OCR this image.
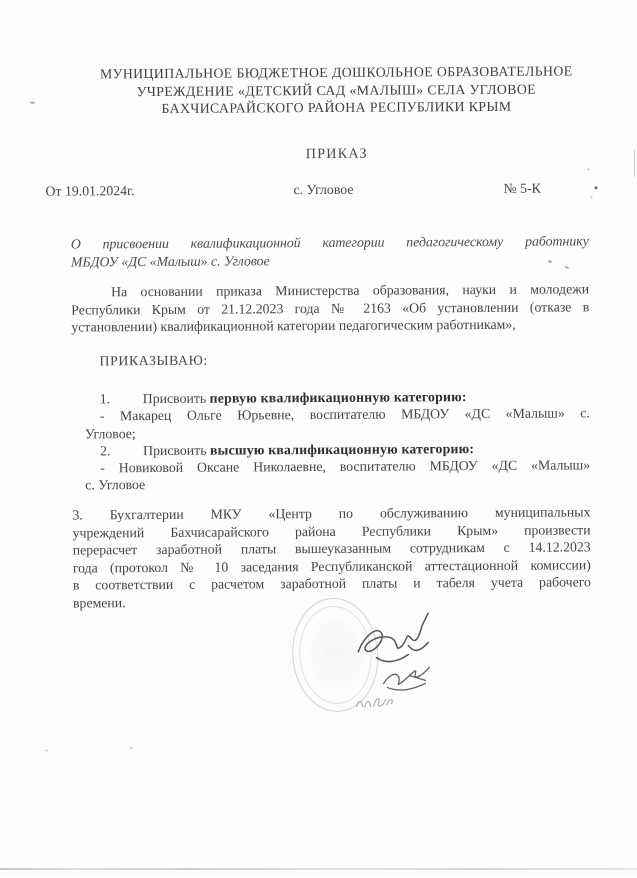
МУНИЦИПАЛЬНОЕ БЮДЖЕТНОЕ ДОШКОЛЬНОЕ ОБРАЗОВАТЕЛЬНОЕ
УЧРЕЖДЕНИЕ «ДЕТСКИЙ САД «МАЛЫШ» СЕЛА УГЛОВОЕ
БАХЧИСАРАЙСКОГО РАЙОНА РЕСПУБЛИКИ КРЫМ
ПРИКАЗ
От 19.01.2024г.	с. Угловое	№ 5-К
О присвоении квалификационной категории педагогическому работнику
МБДОУ «ДС «Малыш» с. Угловое
На основании приказа Министерства образования, науки и молодежи
Республики Крым от 21.12.2023 года № 2163 «Об установлении (отказе в
установлении) квалификационной категории педагогическим работникам»,
ПРИКАЗЫВАЮ:
1. Присвоить первую квалификационную категорию:
- Макарец Ольге Юрьевне, воспитателю МБДОУ «ДС «Малыш» с.
Угловое;
2. Присвоить высшую квалификационную категорию:
- Новиковой Оксане Николаевне, воспитателю МБДОУ «ДС «Малыш»
с. Угловое
3. Бухгалтерии МКУ «Центр по обслуживанию муниципальных
учреждений Бахчисарайского района Республики Крым» произвести
перерасчет заработной платы вышеуказанным сотрудникам с 14.12.2023
года (протокол № 10 заседания Республиканской аттестационной комиссии)
в соответствии с расчетом заработной платы и табеля учета рабочего
времени.
